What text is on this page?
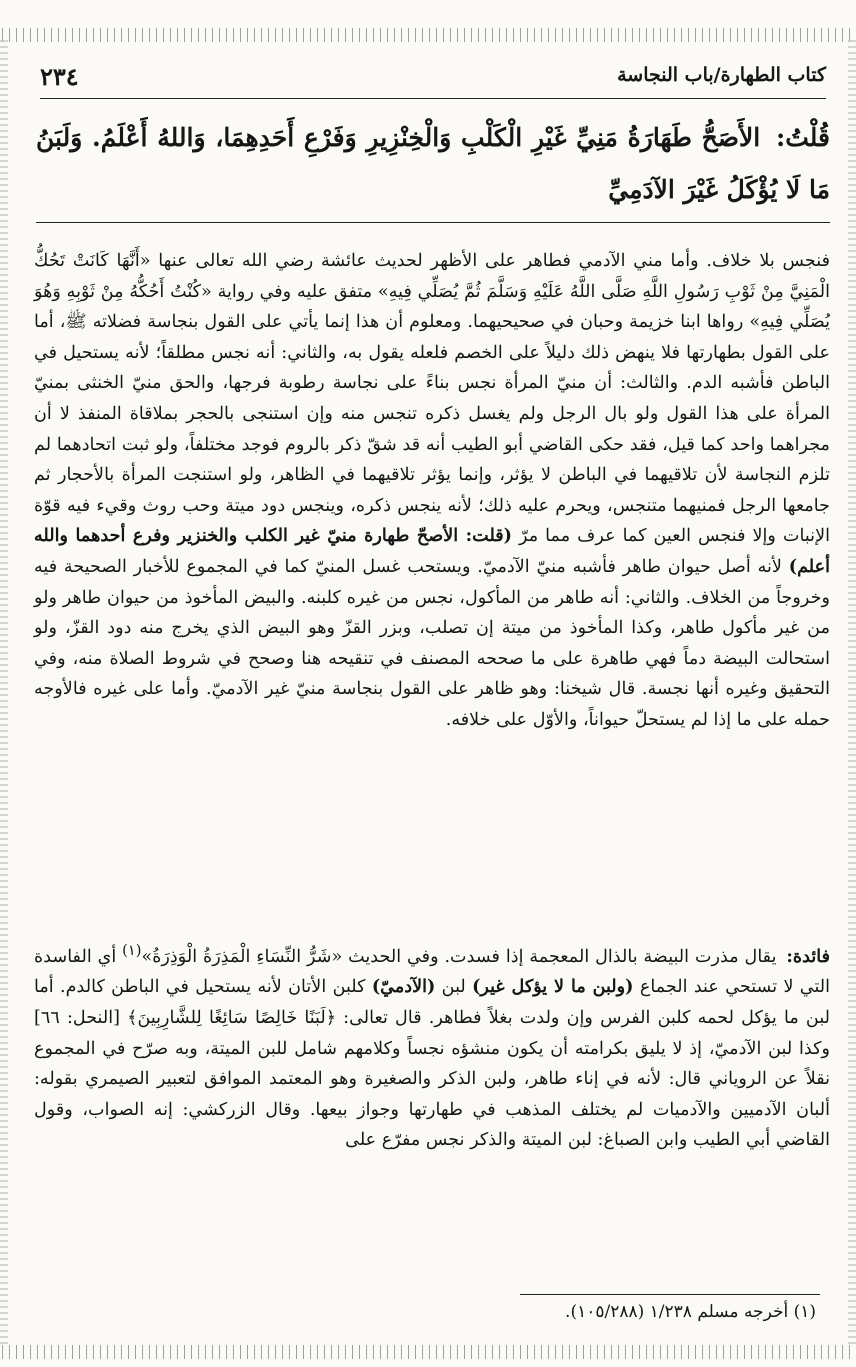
كتاب الطهارة/باب النجاسة
٢٣٤
قُلْتُ: الأَصَحُّ طَهَارَةُ مَنِيِّ غَيْرِ الْكَلْبِ وَالْخِنْزِيرِ وَفَرْعِ أَحَدِهِمَا، وَاللهُ أَعْلَمُ. وَلَبَنُ مَا لَا يُؤْكَلُ غَيْرَ الآدَمِيِّ

فنجس بلا خلاف. وأما مني الآدمي فطاهر على الأظهر لحديث عائشة رضي الله تعالى عنها «أَنَّهَا كَانَتْ تَحُكُّ الْمَنِيَّ مِنْ ثَوْبِ رَسُولِ اللَّهِ صَلَّى اللَّهُ عَلَيْهِ وَسَلَّمَ ثُمَّ يُصَلِّي فِيهِ» متفق عليه وفي رواية «كُنْتُ أَحُكُّهُ مِنْ ثَوْبِهِ وَهُوَ يُصَلِّي فِيهِ» رواها ابنا خزيمة وحبان في صحيحيهما. ومعلوم أن هذا إنما يأتي على القول بنجاسة فضلاته ﷺ، أما على القول بطهارتها فلا ينهض ذلك دليلاً على الخصم فلعله يقول به، والثاني: أنه نجس مطلقاً؛ لأنه يستحيل في الباطن فأشبه الدم. والثالث: أن منيّ المرأة نجس بناءً على نجاسة رطوبة فرجها، والحق منيّ الخنثى بمنيّ المرأة على هذا القول ولو بال الرجل ولم يغسل ذكره تنجس منه وإن استنجى بالحجر بملاقاة المنفذ لا أن مجراهما واحد كما قيل، فقد حكى القاضي أبو الطيب أنه قد شقّ ذكر بالروم فوجد مختلفاً، ولو ثبت اتحادهما لم تلزم النجاسة لأن تلاقيهما في الباطن لا يؤثر، وإنما يؤثر تلاقيهما في الظاهر، ولو استنجت المرأة بالأحجار ثم جامعها الرجل فمنيهما متنجس، ويحرم عليه ذلك؛ لأنه ينجس ذكره، وينجس دود ميتة وحب روث وقيء فيه قوّة الإنبات وإلا فنجس العين كما عرف مما مرّ (قلت: الأصحّ طهارة منيّ غير الكلب والخنزير وفرع أحدهما والله أعلم) لأنه أصل حيوان طاهر فأشبه منيّ الآدميّ. ويستحب غسل المنيّ كما في المجموع للأخبار الصحيحة فيه وخروجاً من الخلاف. والثاني: أنه طاهر من المأكول، نجس من غيره كلبنه. والبيض المأخوذ من حيوان طاهر ولو من غير مأكول طاهر، وكذا المأخوذ من ميتة إن تصلب، وبزر القزّ وهو البيض الذي يخرج منه دود القزّ، ولو استحالت البيضة دماً فهي طاهرة على ما صححه المصنف في تنقيحه هنا وصحح في شروط الصلاة منه، وفي التحقيق وغيره أنها نجسة. قال شيخنا: وهو ظاهر على القول بنجاسة منيّ غير الآدميّ. وأما على غيره فالأوجه حمله على ما إذا لم يستحلّ حيواناً، والأوّل على خلافه.

فائدة: يقال مذرت البيضة بالذال المعجمة إذا فسدت. وفي الحديث «شَرُّ النِّسَاءِ الْمَذِرَةُ الْوَذِرَةُ»$^{(١)}$ أي الفاسدة التي لا تستحي عند الجماع (ولبن ما لا يؤكل غير) لبن (الآدميّ) كلبن الأتان لأنه يستحيل في الباطن كالدم. أما لبن ما يؤكل لحمه كلبن الفرس وإن ولدت بغلاً فطاهر. قال تعالى: ﴿لَبَنًا خَالِصًا سَائِغًا لِلشَّارِبِينَ﴾ [النحل: ٦٦] وكذا لبن الآدميّ، إذ لا يليق بكرامته أن يكون منشؤه نجساً وكلامهم شامل للبن الميتة، وبه صرّح في المجموع نقلاً عن الروياني قال: لأنه في إناء طاهر، ولبن الذكر والصغيرة وهو المعتمد الموافق لتعبير الصيمري بقوله: ألبان الآدميين والآدميات لم يختلف المذهب في طهارتها وجواز بيعها. وقال الزركشي: إنه الصواب، وقول القاضي أبي الطيب وابن الصباغ: لبن الميتة والذكر نجس مفرّع على

(١) أخرجه مسلم ١/٢٣٨ (١٠٥/٢٨٨).
